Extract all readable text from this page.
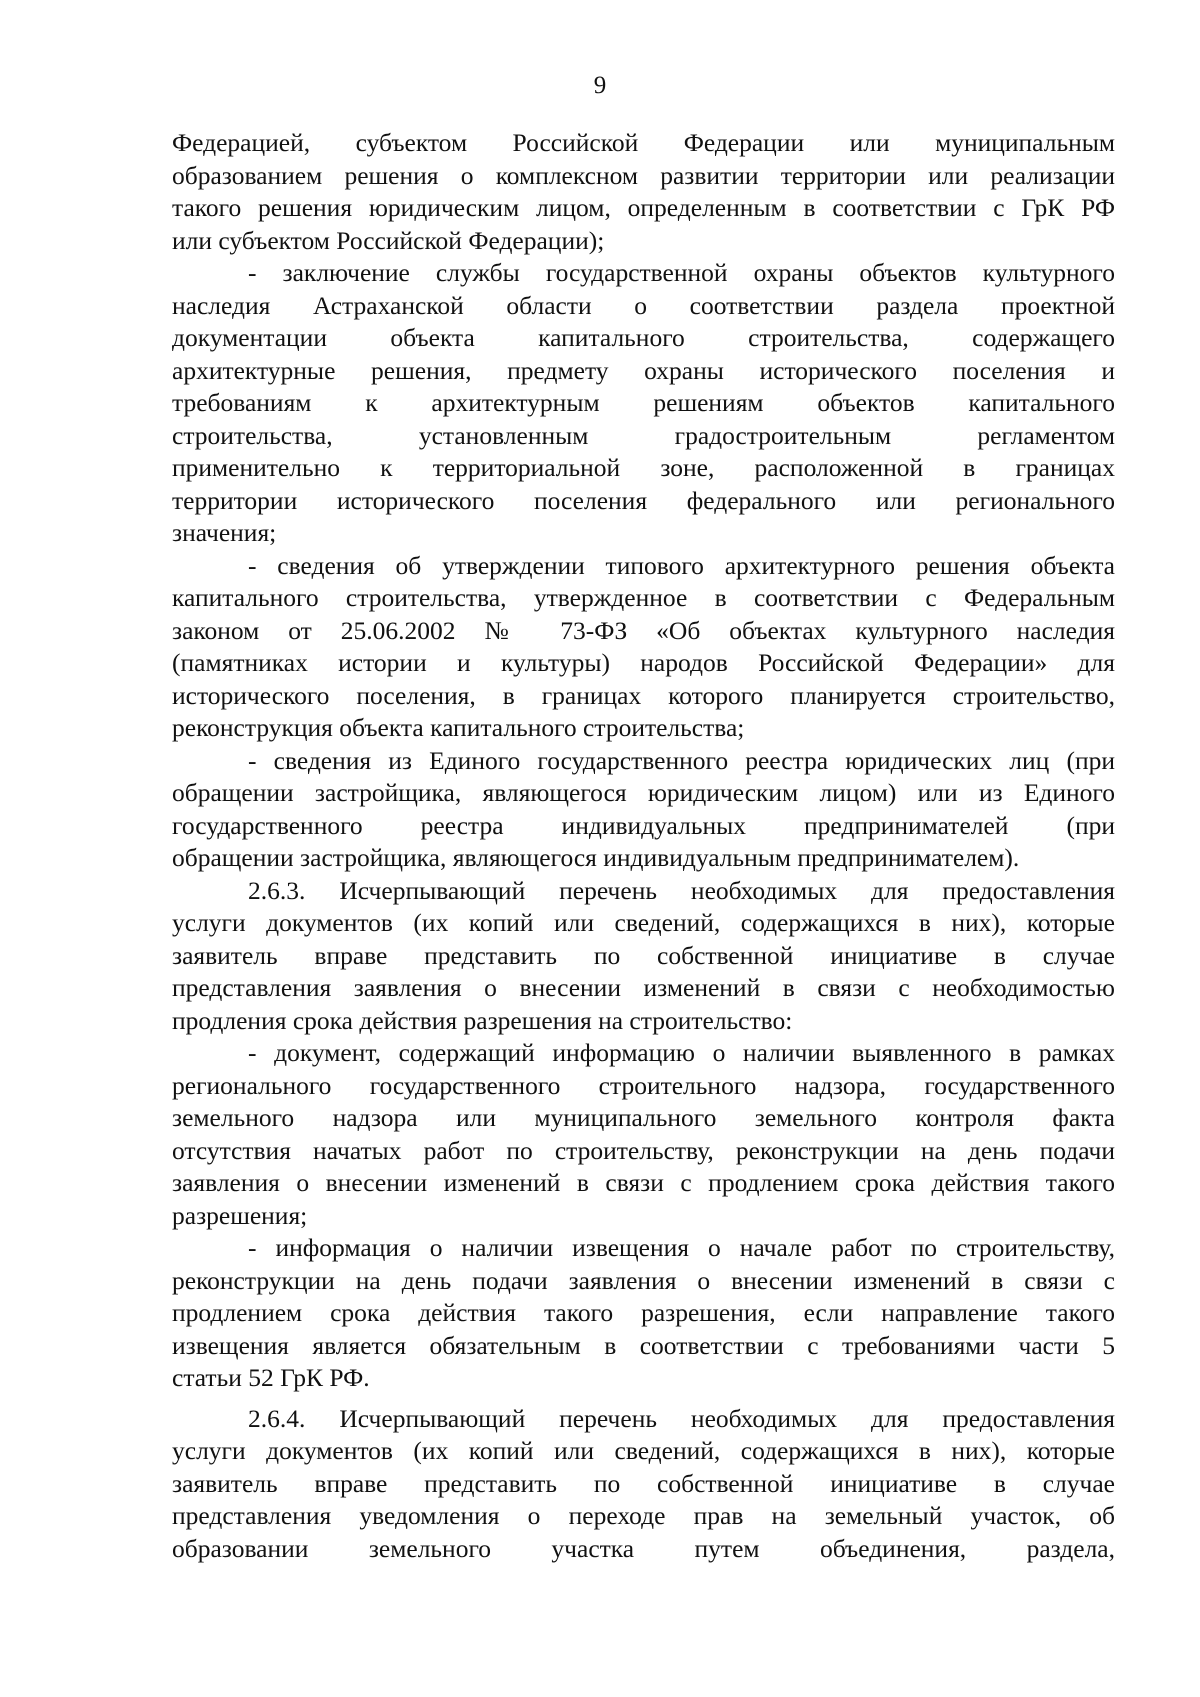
9

Федерацией, субъектом Российской Федерации или муниципальным
образованием решения о комплексном развитии территории или реализации
такого решения юридическим лицом, определенным в соответствии с ГрК РФ
или субъектом Российской Федерации);

- заключение службы государственной охраны объектов культурного
наследия Астраханской области о соответствии раздела проектной
документации объекта капитального строительства, содержащего
архитектурные решения, предмету охраны исторического поселения и
требованиям к архитектурным решениям объектов капитального
строительства, установленным градостроительным регламентом
применительно к территориальной зоне, расположенной в границах
территории исторического поселения федерального или регионального
значения;

- сведения об утверждении типового архитектурного решения объекта
капитального строительства, утвержденное в соответствии с Федеральным
законом от 25.06.2002 № 73-ФЗ «Об объектах культурного наследия
(памятниках истории и культуры) народов Российской Федерации» для
исторического поселения, в границах которого планируется строительство,
реконструкция объекта капитального строительства;

- сведения из Единого государственного реестра юридических лиц (при
обращении застройщика, являющегося юридическим лицом) или из Единого
государственного реестра индивидуальных предпринимателей (при
обращении застройщика, являющегося индивидуальным предпринимателем).

2.6.3. Исчерпывающий перечень необходимых для предоставления
услуги документов (их копий или сведений, содержащихся в них), которые
заявитель вправе представить по собственной инициативе в случае
представления заявления о внесении изменений в связи с необходимостью
продления срока действия разрешения на строительство:

- документ, содержащий информацию о наличии выявленного в рамках
регионального государственного строительного надзора, государственного
земельного надзора или муниципального земельного контроля факта
отсутствия начатых работ по строительству, реконструкции на день подачи
заявления о внесении изменений в связи с продлением срока действия такого
разрешения;

- информация о наличии извещения о начале работ по строительству,
реконструкции на день подачи заявления о внесении изменений в связи с
продлением срока действия такого разрешения, если направление такого
извещения является обязательным в соответствии с требованиями части 5
статьи 52 ГрК РФ.

2.6.4. Исчерпывающий перечень необходимых для предоставления
услуги документов (их копий или сведений, содержащихся в них), которые
заявитель вправе представить по собственной инициативе в случае
представления уведомления о переходе прав на земельный участок, об
образовании земельного участка путем объединения, раздела,
